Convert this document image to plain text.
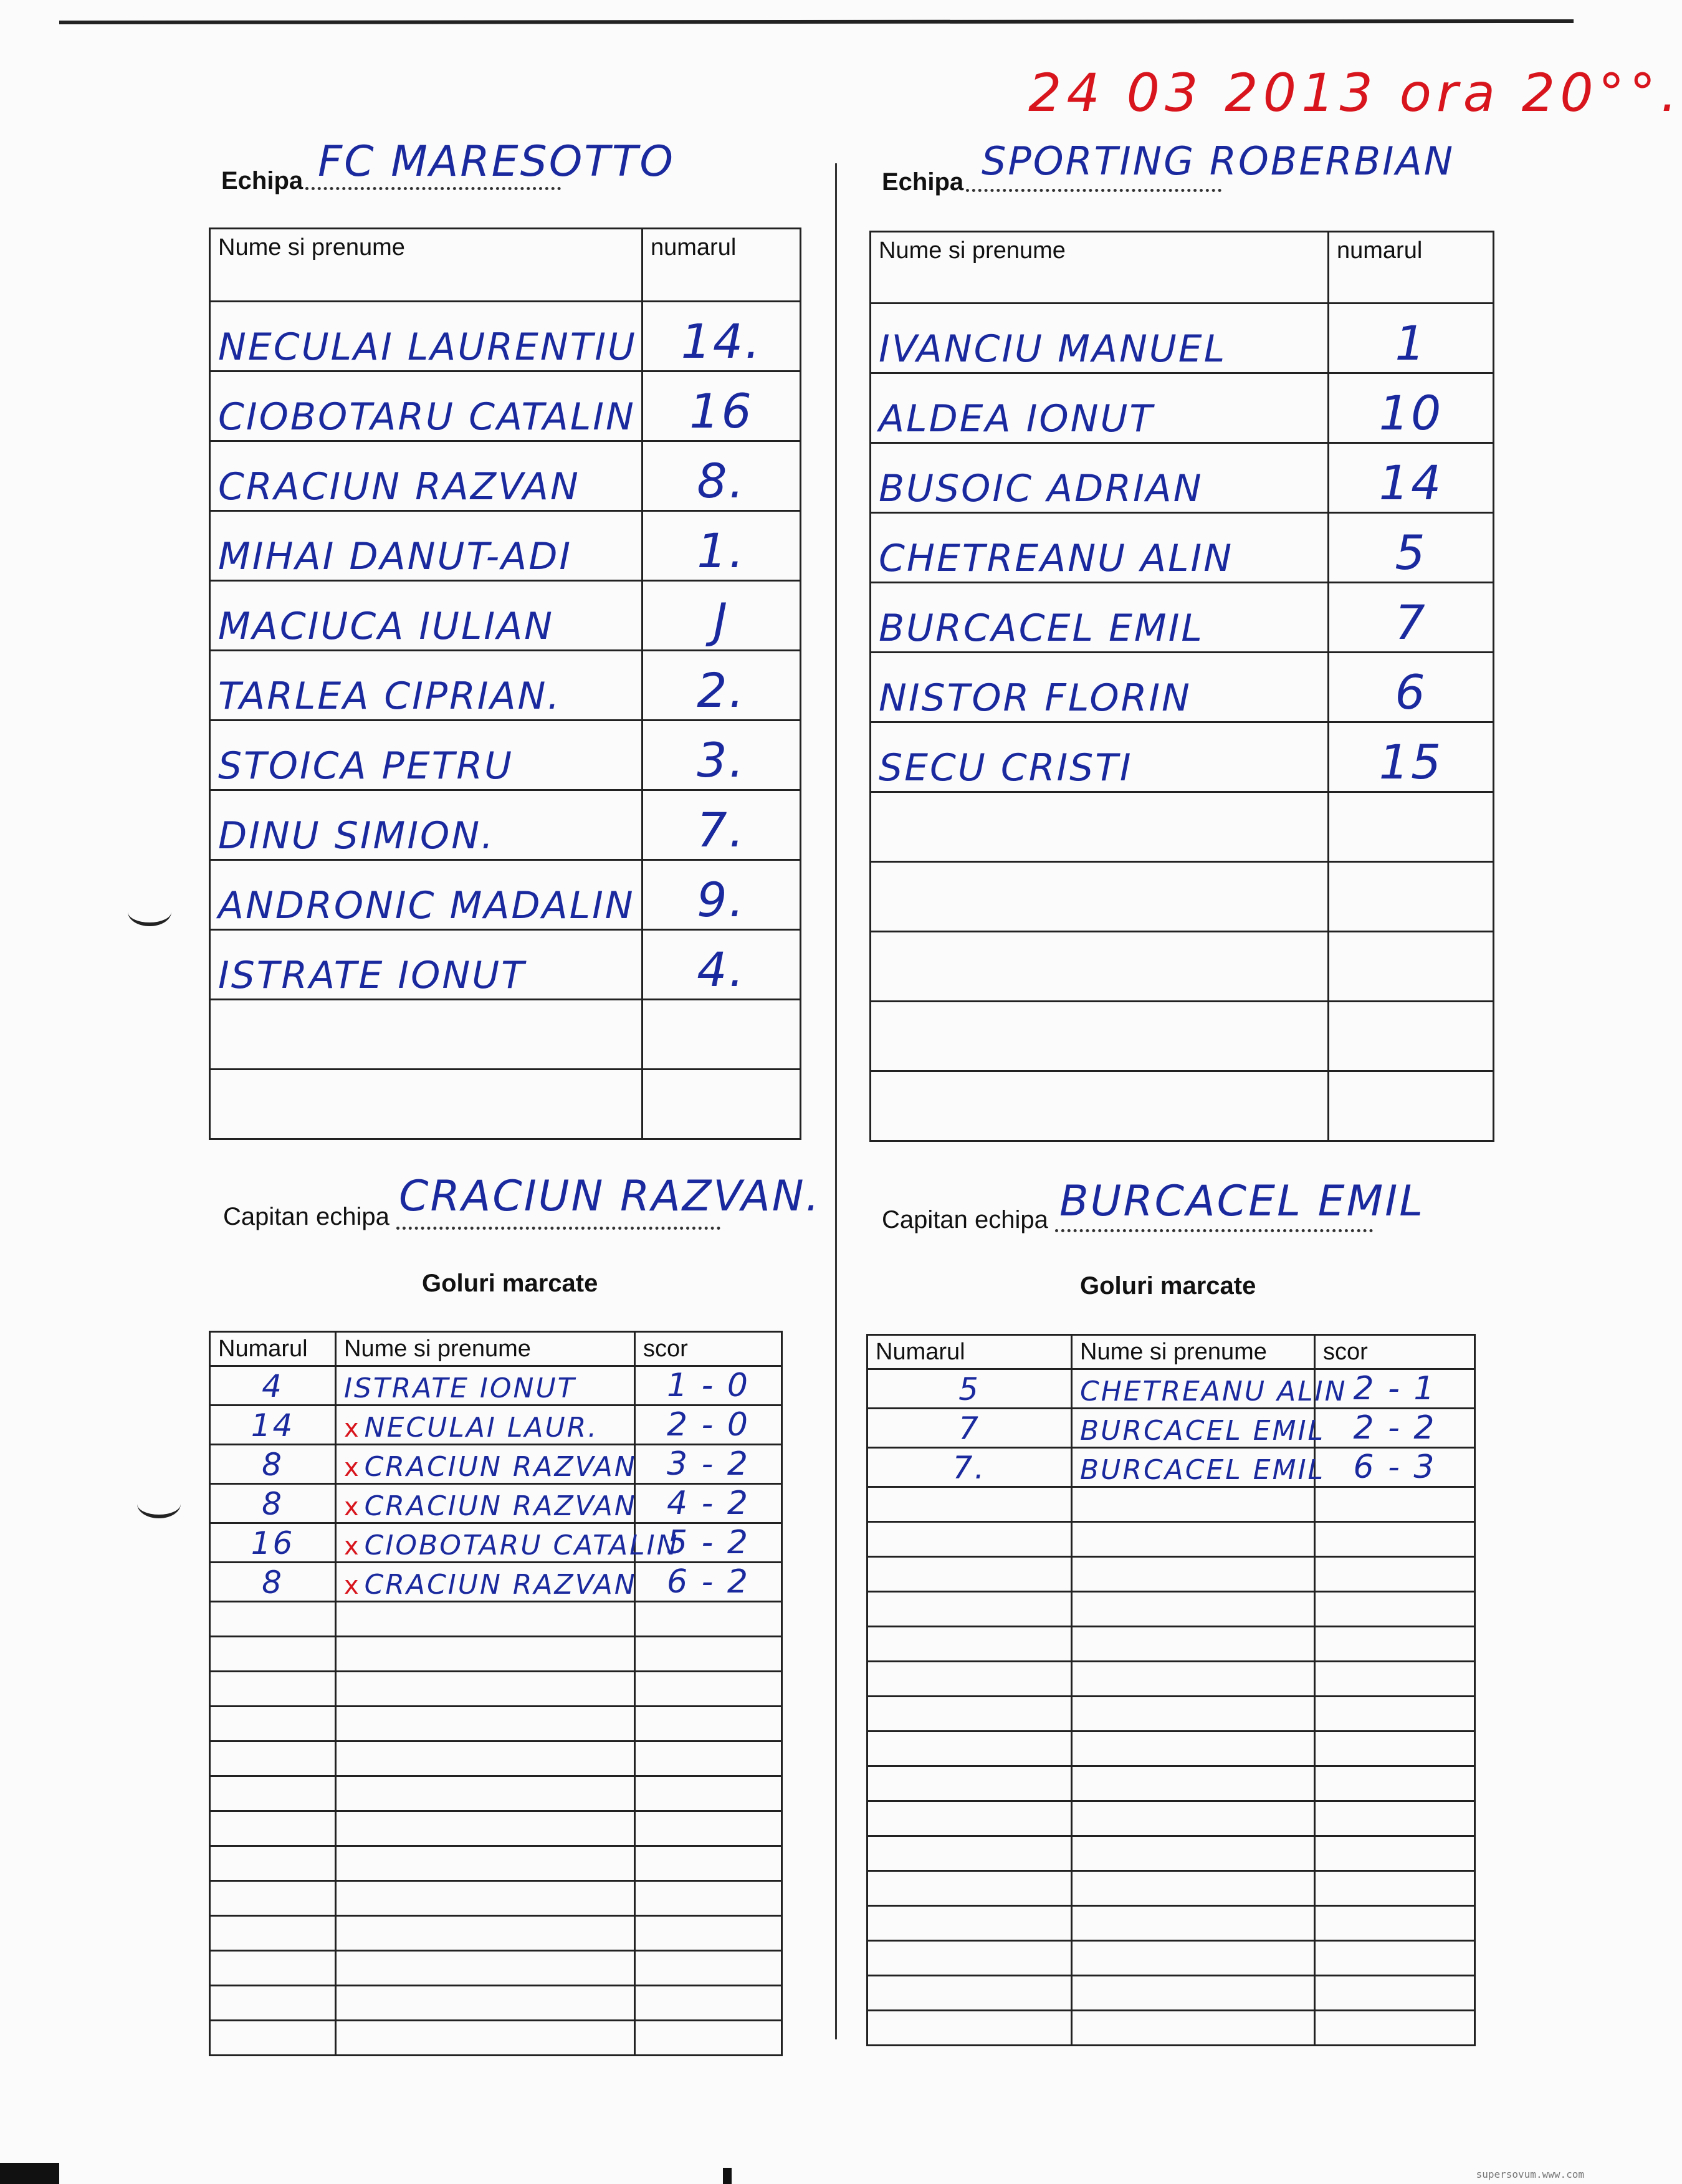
24 03 2013 ora 20°°.
Echipa FC MARESOTTO
Nume si prenume	numarul
NECULAI LAURENTIU	14.
CIOBOTARU CATALIN	16
CRACIUN RAZVAN	8.
MIHAI DANUT-ADI	1.
MACIUCA IULIAN	J
TARLEA CIPRIAN.	2.
STOICA PETRU	3.
DINU SIMION.	7.
ANDRONIC MADALIN	9.
ISTRATE IONUT	4.

Capitan echipa CRACIUN RAZVAN.
Goluri marcate
Numarul	Nume si prenume	scor
4	ISTRATE IONUT	1 - 0
14	x NECULAI LAUR.	2 - 0
8	x CRACIUN RAZVAN	3 - 2
8	x CRACIUN RAZVAN	4 - 2
16	x CIOBOTARU CATALIN	5 - 2
8	x CRACIUN RAZVAN	6 - 2

Echipa SPORTING ROBERBIAN
Nume si prenume	numarul
IVANCIU MANUEL	1
ALDEA IONUT	10
BUSOIC ADRIAN	14
CHETREANU ALIN	5
BURCACEL EMIL	7
NISTOR FLORIN	6
SECU CRISTI	15

Capitan echipa BURCACEL EMIL
Goluri marcate
Numarul	Nume si prenume	scor
5	CHETREANU ALIN	2 - 1
7	BURCACEL EMIL	2 - 2
7.	BURCACEL EMIL	6 - 3

supersovum.www.com
